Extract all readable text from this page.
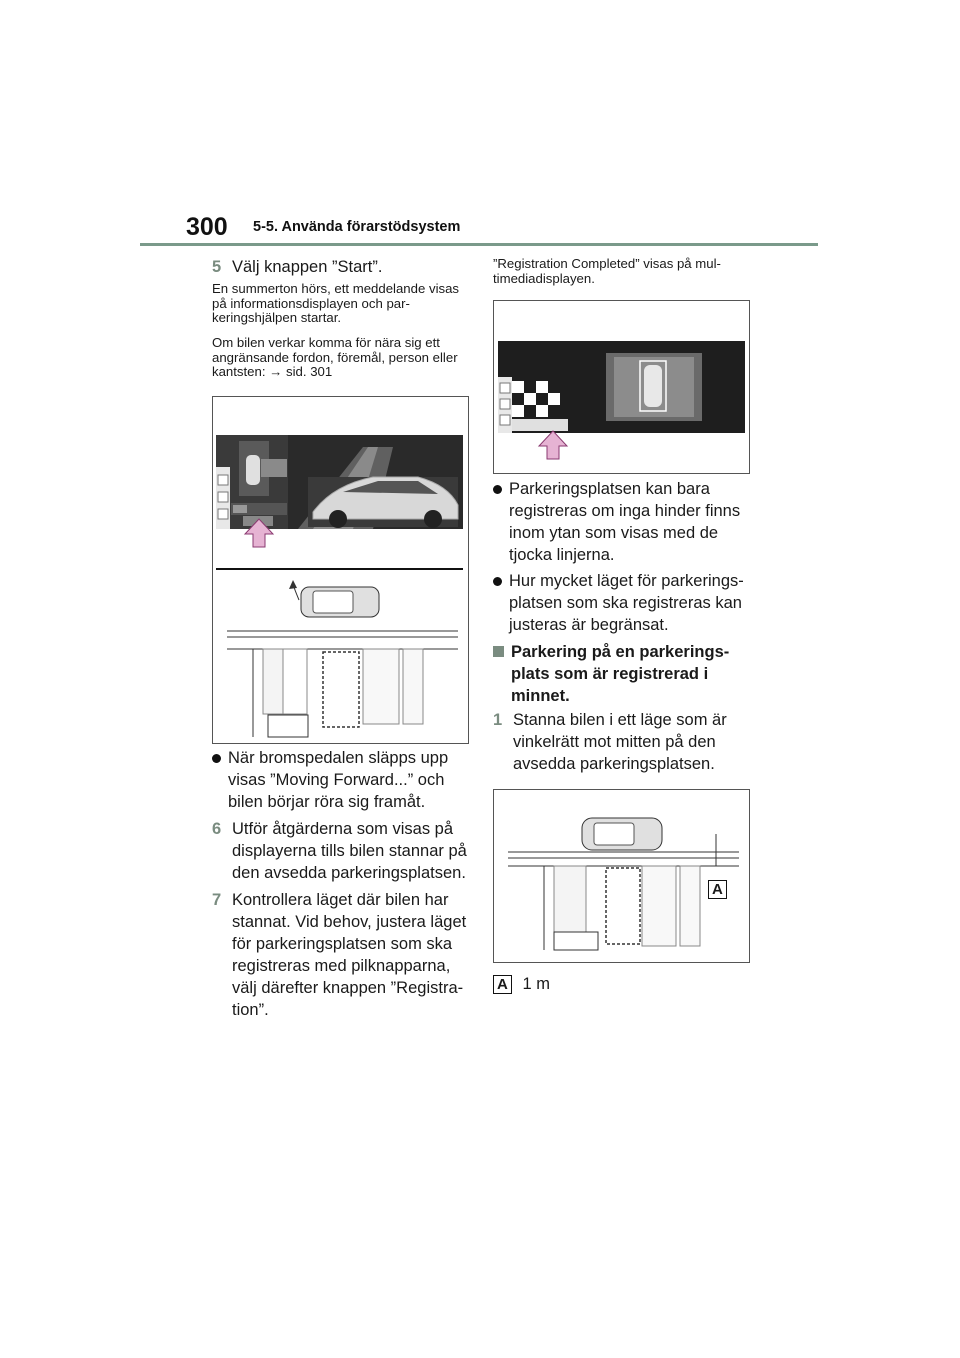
300 5-5. Använda förarstödsystem
5 Välj knappen ”Start”.
En summerton hörs, ett meddelande visas på informationsdisplayen och par-keringshjälpen startar.
Om bilen verkar komma för nära sig ett angränsande fordon, föremål, person eller kantsten: → sid. 301
När bromspedalen släpps upp visas ”Moving Forward...” och bilen börjar röra sig framåt.
6 Utför åtgärderna som visas på displayerna tills bilen stannar på den avsedda parkeringsplatsen.
7 Kontrollera läget där bilen har stannat. Vid behov, justera läget för parkeringsplatsen som ska registreras med pilknapparna, välj därefter knappen ”Registra-tion”.
”Registration Completed” visas på mul-timediadisplayen.
Parkeringsplatsen kan bara registreras om inga hinder finns inom ytan som visas med de tjocka linjerna.
Hur mycket läget för parkerings-platsen som ska registreras kan justeras är begränsat.
Parkering på en parkerings-plats som är registrerad i minnet.
1 Stanna bilen i ett läge som är vinkelrätt mot mitten på den avsedda parkeringsplatsen.
A
A 1 m
